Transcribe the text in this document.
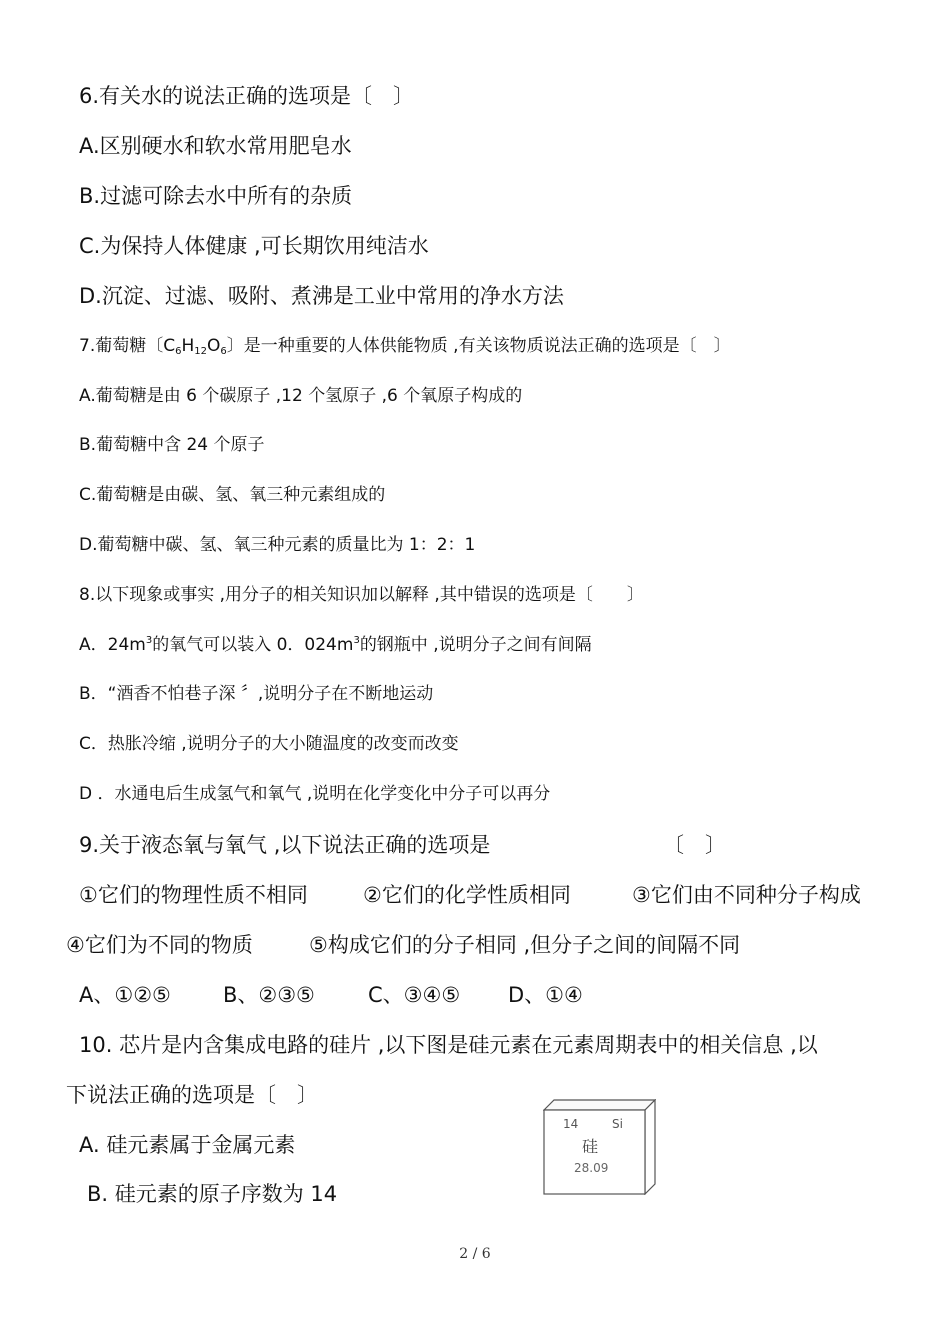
6.有关水的说法正确的选项是〔　〕
A.区别硬水和软水常用肥皂水
B.过滤可除去水中所有的杂质
C.为保持人体健康 ,可长期饮用纯洁水
D.沉淀、过滤、吸附、煮沸是工业中常用的净水方法
7.葡萄糖〔$C_6H_{12}O_6$〕是一种重要的人体供能物质 ,有关该物质说法正确的选项是〔　〕
A.葡萄糖是由 6 个碳原子 ,12 个氢原子 ,6 个氧原子构成的
B.葡萄糖中含 24 个原子
C.葡萄糖是由碳、氢、氧三种元素组成的
D.葡萄糖中碳、氢、氧三种元素的质量比为 1：2：1
8.以下现象或事实 ,用分子的相关知识加以解释 ,其中错误的选项是〔　　〕
A．$24m^3$的氧气可以装入 0．$024m^3$的钢瓶中 ,说明分子之间有间隔
B．“酒香不怕巷子深 〞,说明分子在不断地运动
C．热胀冷缩 ,说明分子的大小随温度的改变而改变
D ．水通电后生成氢气和氧气 ,说明在化学变化中分子可以再分
9.关于液态氧与氧气 ,以下说法正确的选项是	〔　〕
①它们的物理性质不相同	②它们的化学性质相同	③它们由不同种分子构成
④它们为不同的物质	⑤构成它们的分子相同 ,但分子之间的间隔不同
A、①②⑤ B、②③⑤	C、③④⑤ D、①④
10. 芯片是内含集成电路的硅片 ,以下图是硅元素在元素周期表中的相关信息 ,以
下说法正确的选项是〔　〕
A. 硅元素属于金属元素
B. 硅元素的原子序数为 14
14	Si
硅
28.09
2 / 6
